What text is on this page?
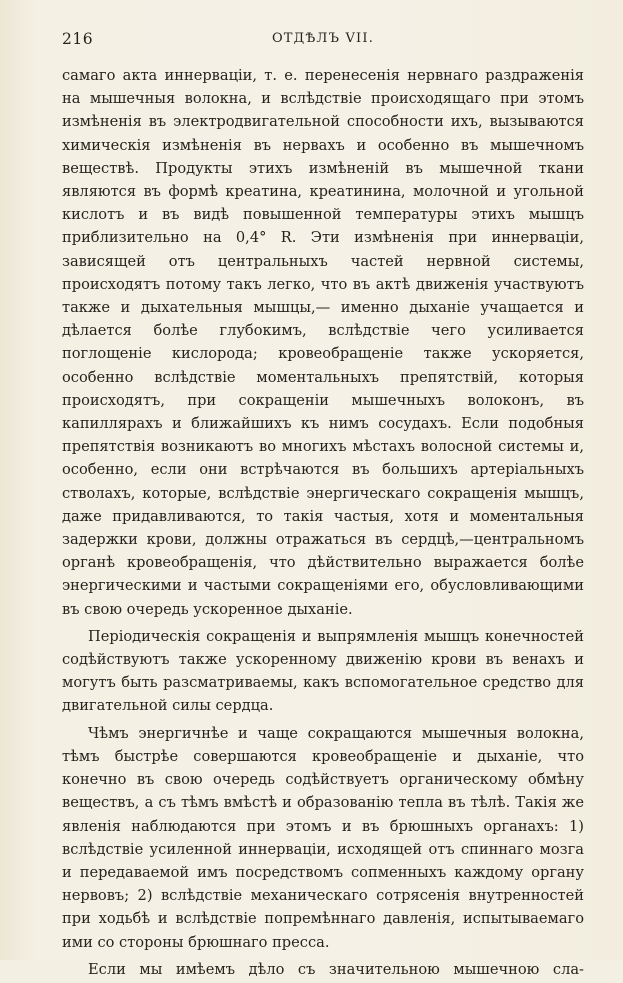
216	ОТДѢЛЪ VII.

самаго акта иннерваціи, т. е. перенесенія нервнаго раздраженія на мышечныя волокна, и вслѣдствіе происходящаго при этомъ измѣненія въ электродвигательной способности ихъ, вызываются химическія измѣненія въ нервахъ и особенно въ мышечномъ веществѣ. Продукты этихъ измѣненій въ мышечной ткани являются въ формѣ креатина, креатинина, молочной и угольной кислотъ и въ видѣ повышенной температуры этихъ мышцъ приблизительно на 0,4° R. Эти измѣненія при иннерваціи, зависящей отъ центральныхъ частей нервной системы, происходятъ потому такъ легко, что въ актѣ движенія участвуютъ также и дыхательныя мышцы,— именно дыханіе учащается и дѣлается болѣе глубокимъ, вслѣдствіе чего усиливается поглощеніе кислорода; кровеобращеніе также ускоряется, особенно вслѣдствіе моментальныхъ препятствій, которыя происходятъ, при сокращеніи мышечныхъ волоконъ, въ капиллярахъ и ближайшихъ къ нимъ сосудахъ. Если подобныя препятствія возникаютъ во многихъ мѣстахъ волосной системы и, особенно, если они встрѣчаются въ большихъ артеріальныхъ стволахъ, которые, вслѣдствіе энергическаго сокращенія мышцъ, даже придавливаются, то такія частыя, хотя и моментальныя задержки крови, должны отражаться въ сердцѣ,—центральномъ органѣ кровеобращенія, что дѣйствительно выражается болѣе энергическими и частыми сокращеніями его, обусловливающими въ свою очередь ускоренное дыханіе.

Періодическія сокращенія и выпрямленія мышцъ конечностей содѣйствуютъ также ускоренному движенію крови въ венахъ и могутъ быть разсматриваемы, какъ вспомогательное средство для двигательной силы сердца.

Чѣмъ энергичнѣе и чаще сокращаются мышечныя волокна, тѣмъ быстрѣе совершаются кровеобращеніе и дыханіе, что конечно въ свою очередь содѣйствуетъ органическому обмѣну веществъ, а съ тѣмъ вмѣстѣ и образованію тепла въ тѣлѣ. Такія же явленія наблюдаются при этомъ и въ брюшныхъ органахъ: 1) вслѣдствіе усиленной иннерваціи, исходящей отъ спиннаго мозга и передаваемой имъ посредствомъ сопменныхъ каждому органу нервовъ; 2) вслѣдствіе механическаго сотрясенія внутренностей при ходьбѣ и вслѣдствіе попремѣннаго давленія, испытываемаго ими со стороны брюшнаго пресса.

Если мы имѣемъ дѣло съ значительною мышечною сла-
